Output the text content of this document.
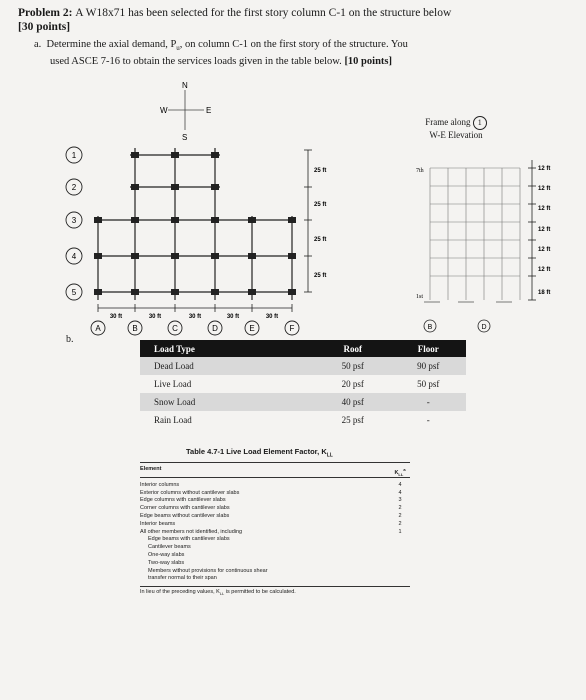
Problem 2: A W18x71 has been selected for the first story column C-1 on the structure below
[30 points]
a. Determine the axial demand, $P_u$, on column C-1 on the first story of the structure. You
used ASCE 7-16 to obtain the services loads given in the table below. [10 points]
N
S
W	E
1
2
3
4
5
25 ft
25 ft
25 ft
25 ft
30 ft	30 ft	30 ft	30 ft	30 ft
A	B	C	D	E	F
Frame along 1
W-E Elevation
7th
1st
B	D
12 ft
12 ft
12 ft
12 ft
12 ft
12 ft
18 ft
b.
Load Type	Roof	Floor
Dead Load	50 psf	90 psf
Live Load	20 psf	50 psf
Snow Load	40 psf	-
Rain Load	25 psf	-
Table 4.7-1 Live Load Element Factor, $K_{LL}$
Element
$K_{LL}^a$
Interior columns	4
Exterior columns without cantilever slabs	4
Edge columns with cantilever slabs	3
Corner columns with cantilever slabs	2
Edge beams without cantilever slabs	2
Interior beams	2
All other members not identified, including	1
Edge beams with cantilever slabs
Cantilever beams
One-way slabs
Two-way slabs
Members without provisions for continuous shear
transfer normal to their span
In lieu of the preceding values, $K_{LL}$ is permitted to be calculated.
